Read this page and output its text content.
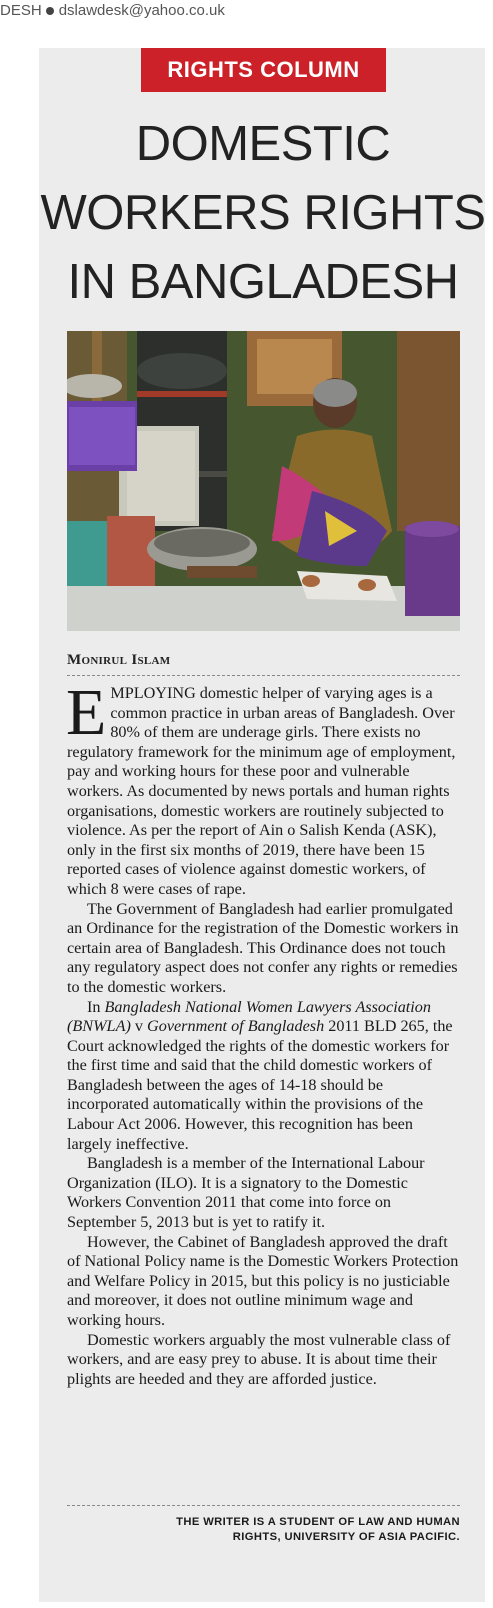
DESH dslawdesk@yahoo.co.uk
RIGHTS COLUMN
DOMESTIC
WORKERS RIGHTS
IN BANGLADESH
Monirul Islam

EMPLOYING domestic helper of varying ages is a common practice in urban areas of Bangladesh. Over 80% of them are underage girls. There exists no regulatory framework for the minimum age of employment, pay and working hours for these poor and vulnerable workers. As documented by news portals and human rights organisations, domestic workers are routinely subjected to violence. As per the report of Ain o Salish Kenda (ASK), only in the first six months of 2019, there have been 15 reported cases of violence against domestic workers, of which 8 were cases of rape.

The Government of Bangladesh had earlier promulgated an Ordinance for the registration of the Domestic workers in certain area of Bangladesh. This Ordinance does not touch any regulatory aspect does not confer any rights or remedies to the domestic workers.

In Bangladesh National Women Lawyers Association (BNWLA) v Government of Bangladesh 2011 BLD 265, the Court acknowledged the rights of the domestic workers for the first time and said that the child domestic workers of Bangladesh between the ages of 14-18 should be incorporated automatically within the provisions of the Labour Act 2006. However, this recognition has been largely ineffective.

Bangladesh is a member of the International Labour Organization (ILO). It is a signatory to the Domestic Workers Convention 2011 that come into force on September 5, 2013 but is yet to ratify it.

However, the Cabinet of Bangladesh approved the draft of National Policy name is the Domestic Workers Protection and Welfare Policy in 2015, but this policy is no justiciable and moreover, it does not outline minimum wage and working hours.

Domestic workers arguably the most vulnerable class of workers, and are easy prey to abuse. It is about time their plights are heeded and they are afforded justice.

THE WRITER IS A STUDENT OF LAW AND HUMAN
RIGHTS, UNIVERSITY OF ASIA PACIFIC.
